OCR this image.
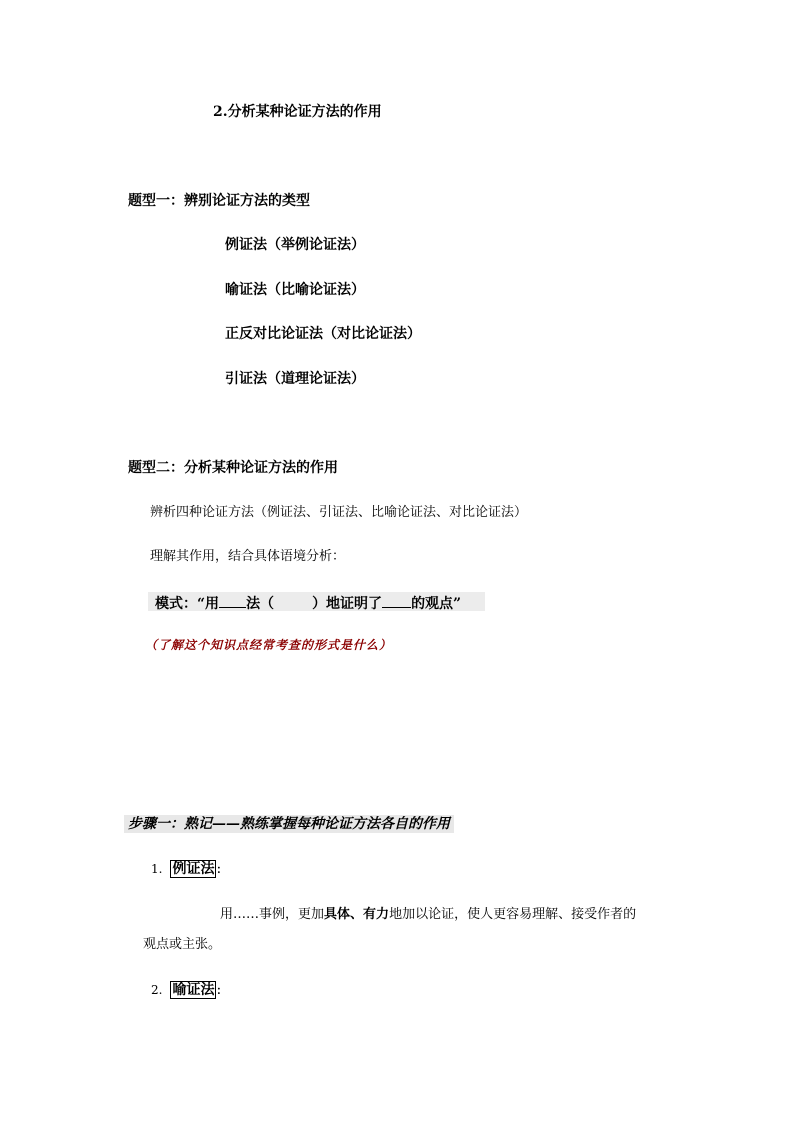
2.分析某种论证方法的作用
题型一：辨别论证方法的类型
例证法（举例论证法）
喻证法（比喻论证法）
正反对比论证法（对比论证法）
引证法（道理论证法）
题型二：分析某种论证方法的作用
辨析四种论证方法（例证法、引证法、比喻论证法、对比论证法）
理解其作用，结合具体语境分析：
模式：“用 法（	）地证明了 的观点”
（了解这个知识点经常考查的形式是什么）
步骤一：熟记——熟练掌握每种论证方法各自的作用
1. 例证法 :
用……事例，更加具体、有力地加以论证，使人更容易理解、接受作者的
观点或主张。
2. 喻证法 :
